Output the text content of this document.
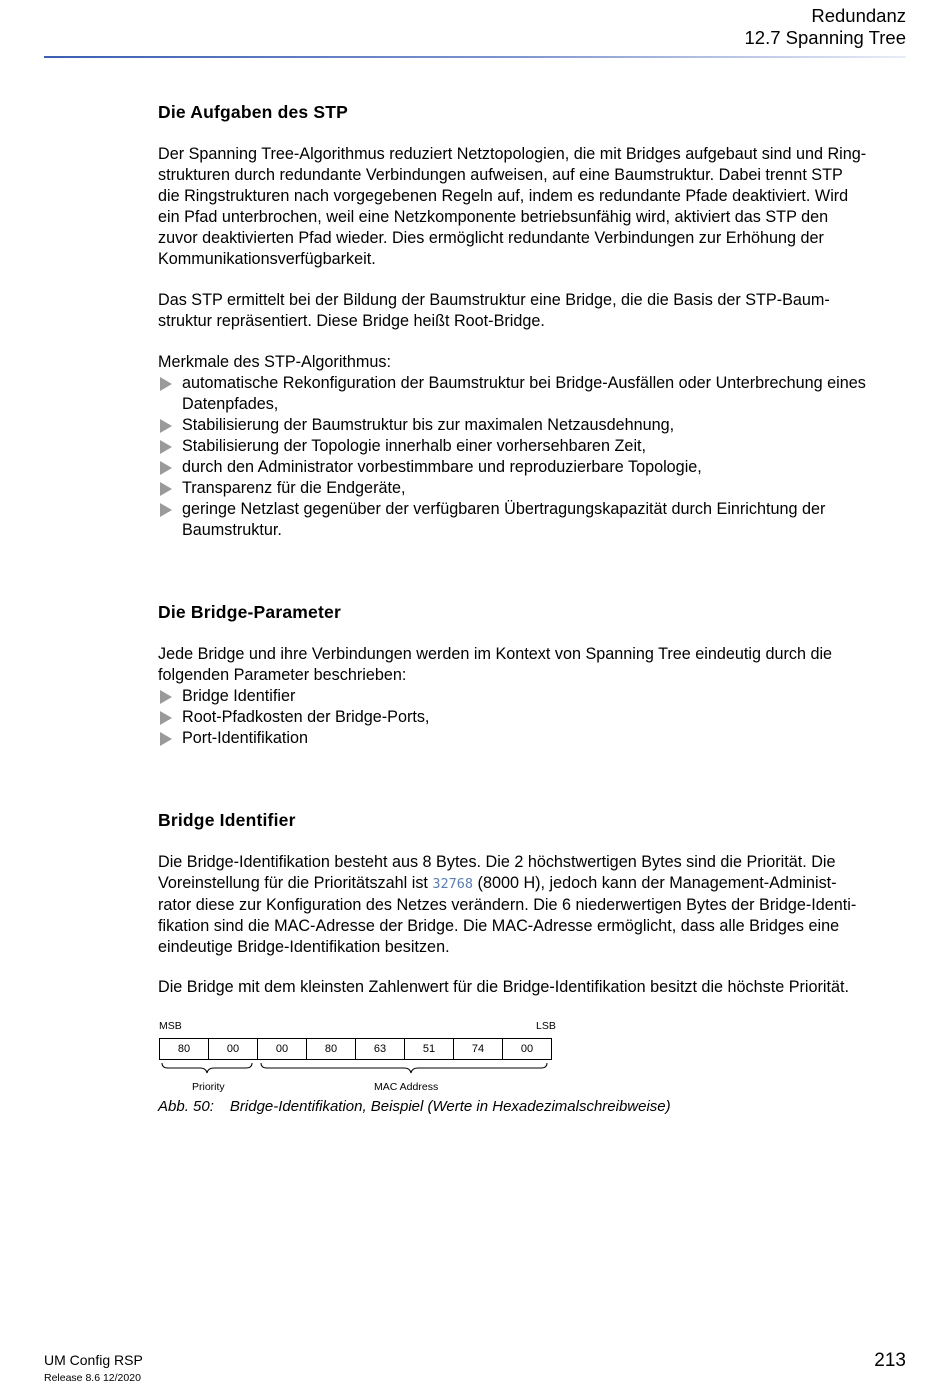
Redundanz
12.7 Spanning Tree
Die Aufgaben des STP
Der Spanning Tree-Algorithmus reduziert Netztopologien, die mit Bridges aufgebaut sind und Ring-
strukturen durch redundante Verbindungen aufweisen, auf eine Baumstruktur. Dabei trennt STP
die Ringstrukturen nach vorgegebenen Regeln auf, indem es redundante Pfade deaktiviert. Wird
ein Pfad unterbrochen, weil eine Netzkomponente betriebsunfähig wird, aktiviert das STP den
zuvor deaktivierten Pfad wieder. Dies ermöglicht redundante Verbindungen zur Erhöhung der
Kommunikationsverfügbarkeit.
Das STP ermittelt bei der Bildung der Baumstruktur eine Bridge, die die Basis der STP-Baum-
struktur repräsentiert. Diese Bridge heißt Root-Bridge.
Merkmale des STP-Algorithmus:
automatische Rekonfiguration der Baumstruktur bei Bridge-Ausfällen oder Unterbrechung eines
Datenpfades,
Stabilisierung der Baumstruktur bis zur maximalen Netzausdehnung,
Stabilisierung der Topologie innerhalb einer vorhersehbaren Zeit,
durch den Administrator vorbestimmbare und reproduzierbare Topologie,
Transparenz für die Endgeräte,
geringe Netzlast gegenüber der verfügbaren Übertragungskapazität durch Einrichtung der
Baumstruktur.
Die Bridge-Parameter
Jede Bridge und ihre Verbindungen werden im Kontext von Spanning Tree eindeutig durch die
folgenden Parameter beschrieben:
Bridge Identifier
Root-Pfadkosten der Bridge-Ports,
Port-Identifikation
Bridge Identifier
Die Bridge-Identifikation besteht aus 8 Bytes. Die 2 höchstwertigen Bytes sind die Priorität. Die
Voreinstellung für die Prioritätszahl ist 32768 (8000 H), jedoch kann der Management-Administ-
rator diese zur Konfiguration des Netzes verändern. Die 6 niederwertigen Bytes der Bridge-Identi-
fikation sind die MAC-Adresse der Bridge. Die MAC-Adresse ermöglicht, dass alle Bridges eine
eindeutige Bridge-Identifikation besitzen.
Die Bridge mit dem kleinsten Zahlenwert für die Bridge-Identifikation besitzt die höchste Priorität.
MSB	LSB
80	00	00	80	63	51	74	00
Priority	MAC Address
Abb. 50: Bridge-Identifikation, Beispiel (Werte in Hexadezimalschreibweise)
UM Config RSP
Release 8.6 12/2020
213
